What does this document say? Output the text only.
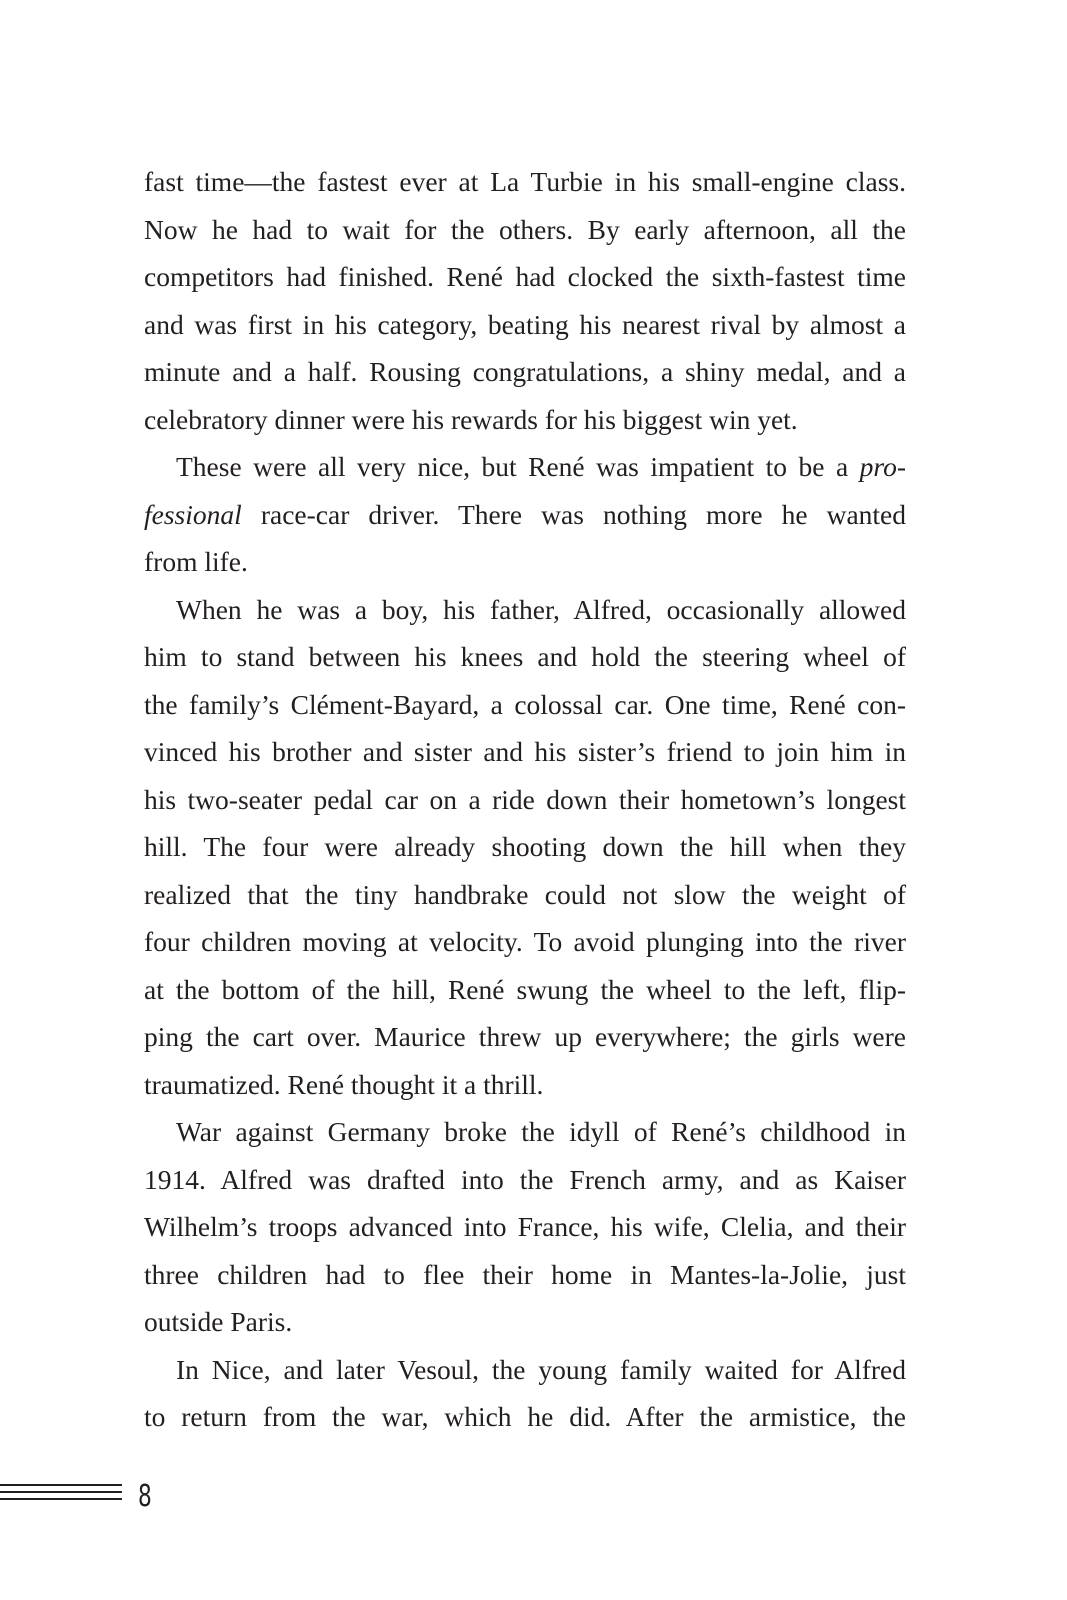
fast time—the fastest ever at La Turbie in his small-engine class.
Now he had to wait for the others. By early afternoon, all the
competitors had finished. René had clocked the sixth-fastest time
and was first in his category, beating his nearest rival by almost a
minute and a half. Rousing congratulations, a shiny medal, and a
celebratory dinner were his rewards for his biggest win yet.
These were all very nice, but René was impatient to be a pro-
fessional race-car driver. There was nothing more he wanted
from life.
When he was a boy, his father, Alfred, occasionally allowed
him to stand between his knees and hold the steering wheel of
the family’s Clément-Bayard, a colossal car. One time, René con-
vinced his brother and sister and his sister’s friend to join him in
his two-seater pedal car on a ride down their hometown’s longest
hill. The four were already shooting down the hill when they
realized that the tiny handbrake could not slow the weight of
four children moving at velocity. To avoid plunging into the river
at the bottom of the hill, René swung the wheel to the left, flip-
ping the cart over. Maurice threw up everywhere; the girls were
traumatized. René thought it a thrill.
War against Germany broke the idyll of René’s childhood in
1914. Alfred was drafted into the French army, and as Kaiser
Wilhelm’s troops advanced into France, his wife, Clelia, and their
three children had to flee their home in Mantes-la-Jolie, just
outside Paris.
In Nice, and later Vesoul, the young family waited for Alfred
to return from the war, which he did. After the armistice, the
8
